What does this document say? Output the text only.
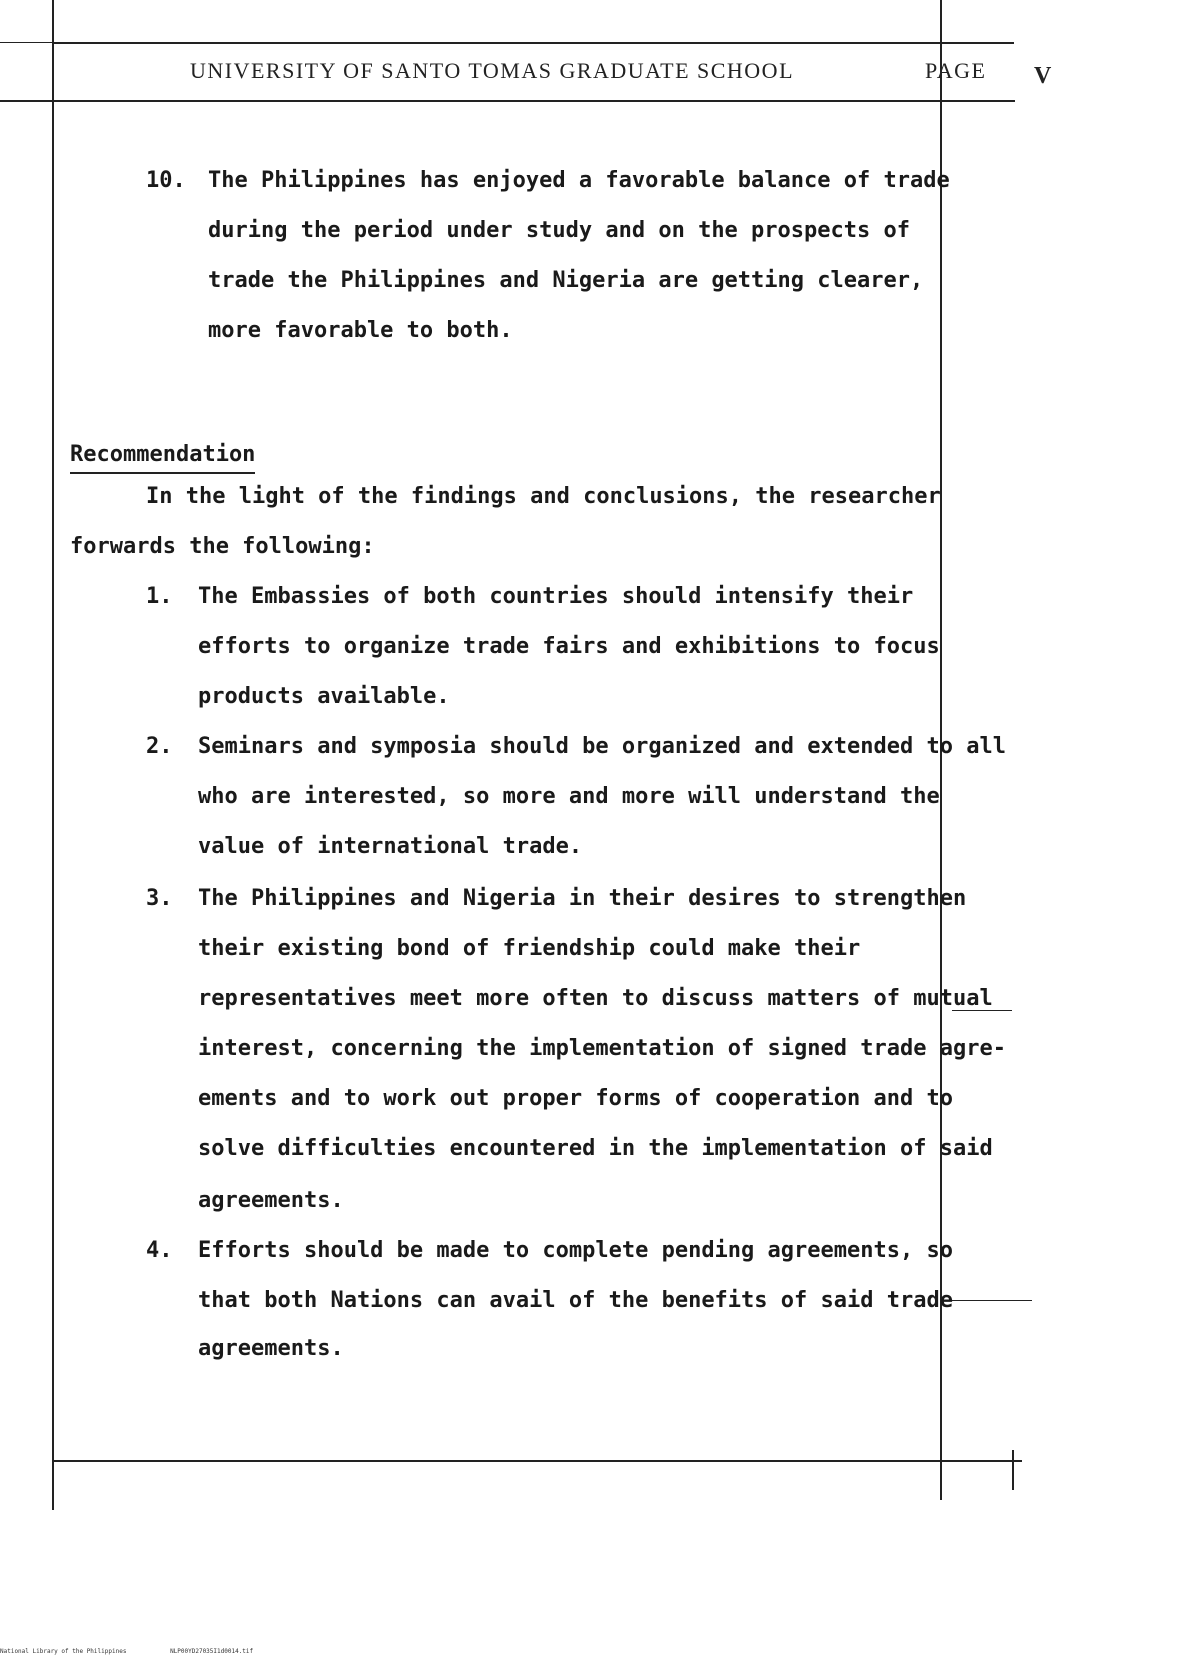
UNIVERSITY OF SANTO TOMAS GRADUATE SCHOOL	PAGE V
10. The Philippines has enjoyed a favorable balance of trade
during the period under study and on the prospects of
trade the Philippines and Nigeria are getting clearer,
more favorable to both.
Recommendation
In the light of the findings and conclusions, the researcher
forwards the following:
1. The Embassies of both countries should intensify their
efforts to organize trade fairs and exhibitions to focus
products available.
2. Seminars and symposia should be organized and extended to all
who are interested, so more and more will understand the
value of international trade.
3. The Philippines and Nigeria in their desires to strengthen
their existing bond of friendship could make their
representatives meet more often to discuss matters of mutual
interest, concerning the implementation of signed trade agre-
ements and to work out proper forms of cooperation and to
solve difficulties encountered in the implementation of said
agreements.
4. Efforts should be made to complete pending agreements, so
that both Nations can avail of the benefits of said trade
agreements.
National Library of the Philippines	NLP00YD27035I1d0014.tif
